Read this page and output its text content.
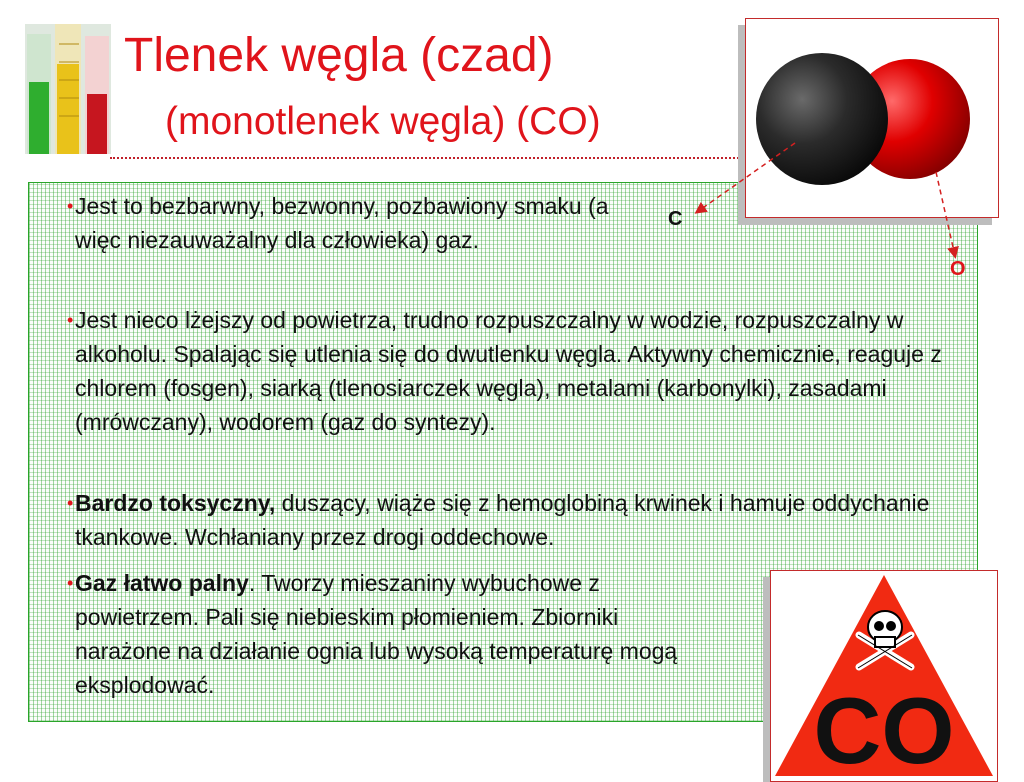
Tlenek węgla (czad)
(monotlenek węgla) (CO)
• Jest to bezbarwny, bezwonny, pozbawiony smaku (a więc niezauważalny dla człowieka) gaz.
• Jest nieco lżejszy od powietrza, trudno rozpuszczalny w wodzie, rozpuszczalny w alkoholu. Spalając się utlenia się do dwutlenku węgla. Aktywny chemicznie, reaguje z chlorem (fosgen), siarką (tlenosiarczek węgla), metalami (karbonylki), zasadami (mrówczany), wodorem (gaz do syntezy).
• Bardzo toksyczny, duszący, wiąże się z hemoglobiną krwinek i hamuje oddychanie tkankowe. Wchłaniany przez drogi oddechowe.
• Gaz łatwo palny. Tworzy mieszaniny wybuchowe z powietrzem. Pali się niebieskim płomieniem. Zbiorniki narażone na działanie ognia lub wysoką temperaturę mogą eksplodować.

C

O

CO
